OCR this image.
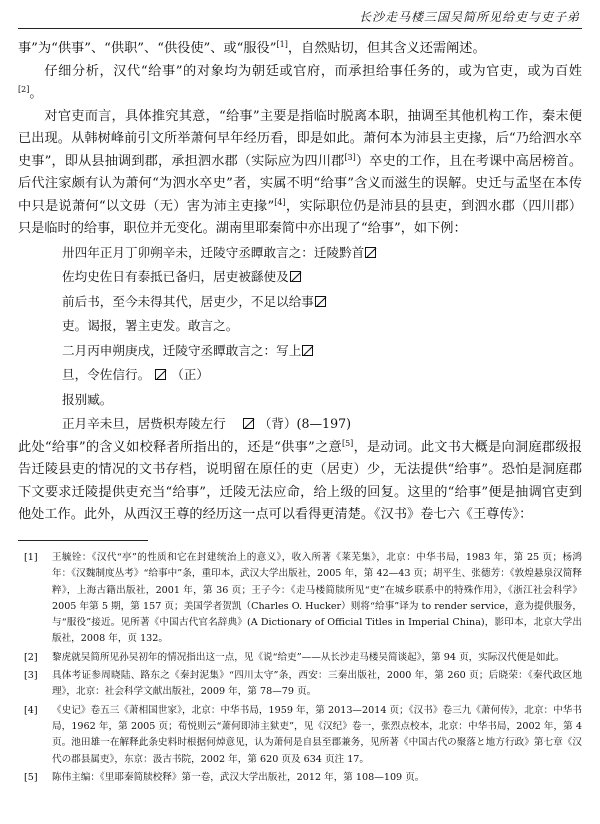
长沙走马楼三国吴简所见给吏与吏子弟

事”为“供事”、“供职”、“供役使”、或“服役”[1]，自然贴切，但其含义还需阐述。

仔细分析，汉代“给事”的对象均为朝廷或官府，而承担给事任务的，或为官吏，或为百姓[2]。

对官吏而言，具体推究其意，“给事”主要是指临时脱离本职，抽调至其他机构工作，秦末便已出现。从韩树峰前引文所举萧何早年经历看，即是如此。萧何本为沛县主吏掾，后“乃给泗水卒史事”，即从县抽调到郡，承担泗水郡（实际应为四川郡[3]）卒史的工作，且在考课中高居榜首。后代注家颇有认为萧何“为泗水卒史”者，实属不明“给事”含义而滋生的误解。史迁与孟坚在本传中只是说萧何“以文毋（无）害为沛主吏掾”[4]，实际职位仍是沛县的县吏，到泗水郡（四川郡）只是临时的给事，职位并无变化。湖南里耶秦简中亦出现了“给事”，如下例：

卅四年正月丁卯朔辛未，迁陵守丞瞫敢言之：迁陵黔首
佐均史佐日有泰抵已备归，居吏被繇使及
前后书，至今未得其代，居吏少，不足以给事
吏。谒报，署主吏发。敢言之。
二月丙申朔庚戌，迁陵守丞瞫敢言之：写上
旦，令佐信行。 （正）
报别臧。
正月辛未旦，居赀枳寿陵左行	（背）(8—197)

此处“给事”的含义如校释者所指出的，还是“供事”之意[5]，是动词。此文书大概是向洞庭郡级报告迁陵县吏的情况的文书存档，说明留在原任的吏（居吏）少，无法提供“给事”。恐怕是洞庭郡下文要求迁陵提供吏充当“给事”，迁陵无法应命，给上级的回复。这里的“给事”便是抽调官吏到他处工作。此外，从西汉王尊的经历这一点可以看得更清楚。《汉书》卷七六《王尊传》：

[1]	王毓铨：《汉代“亭”的性质和它在封建统治上的意义》，收入所著《莱芜集》，北京：中华书局，1983 年，第 25 页；杨鸿年：《汉魏制度丛考》“给事中”条，重印本，武汉大学出版社，2005 年，第 42—43 页；胡平生、张德芳：《敦煌悬泉汉简释粹》，上海古籍出版社，2001 年，第 36 页；王子今：《走马楼简牍所见“吏”在城乡联系中的特殊作用》，《浙江社会科学》2005 年第 5 期，第 157 页；美国学者贺凯（Charles O. Hucker）则将“给事”译为 to render service，意为提供服务，与“服役”接近。见所著《中国古代官名辞典》(A Dictionary of Official Titles in Imperial China)，影印本，北京大学出版社，2008 年，页 132。
[2]	黎虎就吴简所见孙吴初年的情况指出这一点，见《说“给吏”——从长沙走马楼吴简谈起》，第 94 页，实际汉代便是如此。
[3]	具体考证参周晓陆、路东之《秦封泥集》“四川太守”条，西安：三秦出版社，2000 年，第 260 页；后晓荣：《秦代政区地理》，北京：社会科学文献出版社，2009 年，第 78—79 页。
[4]	《史记》卷五三《萧相国世家》，北京：中华书局，1959 年，第 2013—2014 页；《汉书》卷三九《萧何传》，北京：中华书局，1962 年，第 2005 页；荀悦则云“萧何即沛主狱吏”，见《汉纪》卷一，张烈点校本，北京：中华书局，2002 年，第 4 页。池田雄一在解释此条史料时根据何焯意见，认为萧何是自县至郡兼务，见所著《中国古代の聚落と地方行政》第七章《汉代の郡县属吏》，东京：汲古书院，2002 年，第 620 页及 634 页注 17。
[5]	陈伟主编：《里耶秦简牍校释》第一卷，武汉大学出版社，2012 年，第 108—109 页。
